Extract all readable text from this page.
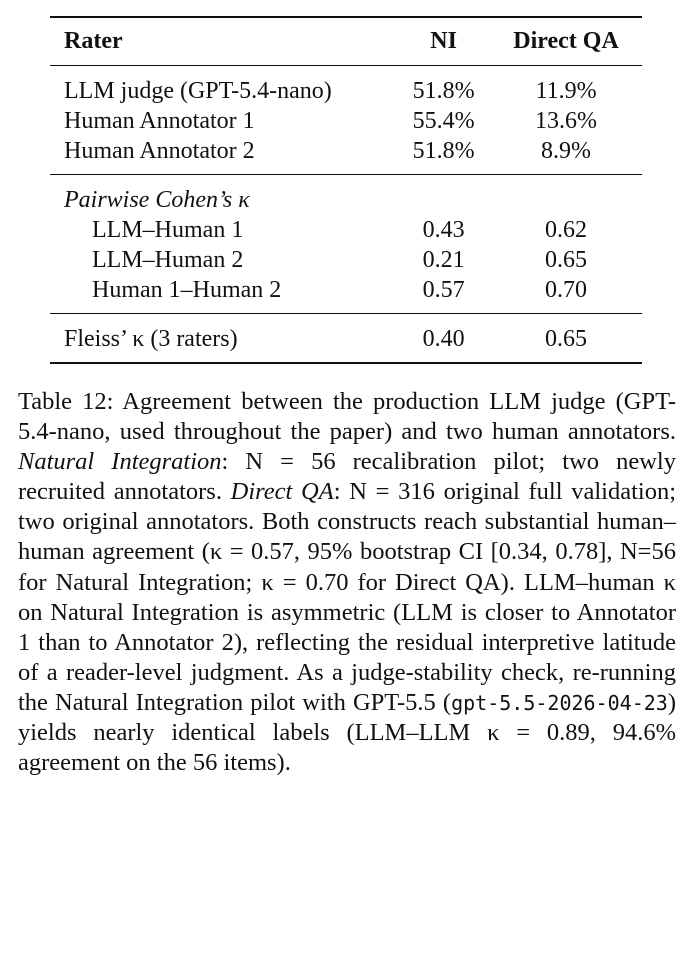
Rater	NI	Direct QA
LLM judge (GPT-5.4-nano)	51.8%	11.9%
Human Annotator 1	55.4%	13.6%
Human Annotator 2	51.8%	8.9%
Pairwise Cohen’s κ		
LLM–Human 1	0.43	0.62
LLM–Human 2	0.21	0.65
Human 1–Human 2	0.57	0.70
Fleiss’ κ (3 raters)	0.40	0.65
Table 12: Agreement between the production LLM judge (GPT-5.4-nano, used throughout the paper) and two human annotators. Natural Integration: N = 56 recalibration pilot; two newly recruited annotators. Direct QA: N = 316 original full validation; two original annotators. Both constructs reach substantial human–human agreement (κ = 0.57, 95% bootstrap CI [0.34, 0.78], N=56 for Natural Integration; κ = 0.70 for Direct QA). LLM–human κ on Natural Integration is asymmetric (LLM is closer to Annotator 1 than to Annotator 2), reflecting the residual interpretive latitude of a reader-level judgment. As a judge-stability check, re-running the Natural Integration pilot with GPT-5.5 (gpt-5.5-2026-04-23) yields nearly identical labels (LLM–LLM κ = 0.89, 94.6% agreement on the 56 items).
